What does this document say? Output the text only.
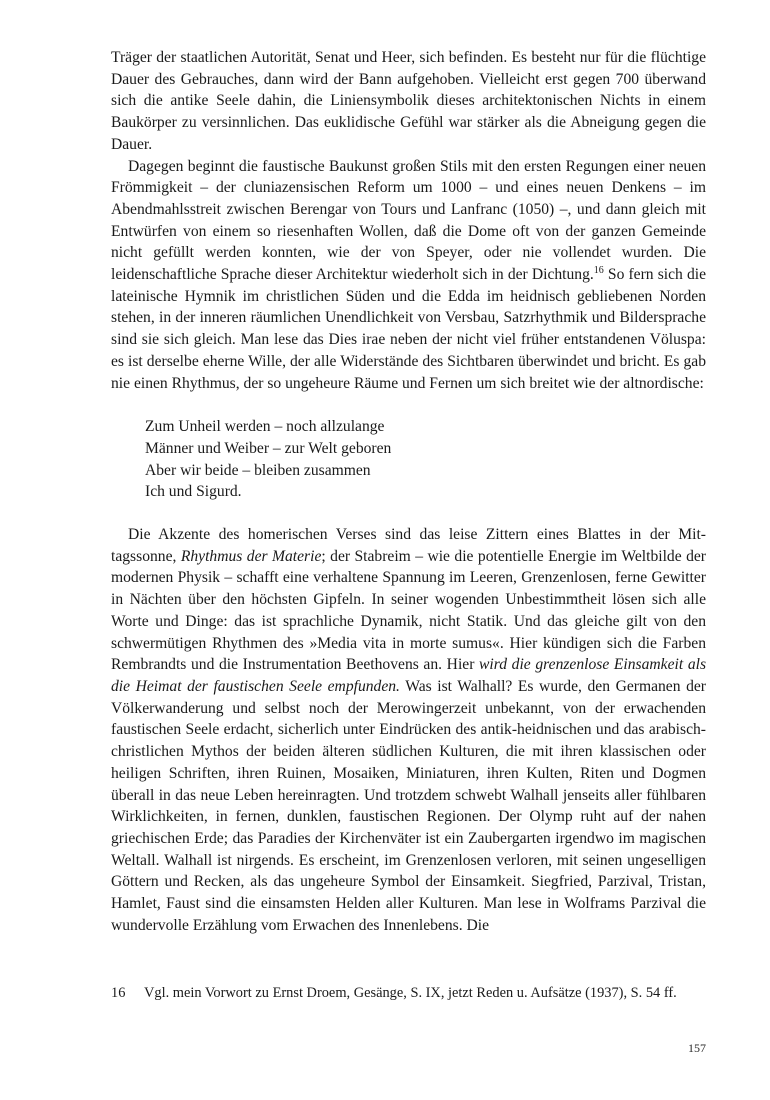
Träger der staatlichen Autorität, Senat und Heer, sich befinden. Es besteht nur für die flüchtige Dauer des Gebrauches, dann wird der Bann aufgehoben. Vielleicht erst gegen 700 überwand sich die antike Seele dahin, die Liniensymbolik dieses architektonischen Nichts in einem Baukörper zu versinnlichen. Das euklidische Gefühl war stärker als die Abneigung gegen die Dauer.

Dagegen beginnt die faustische Baukunst großen Stils mit den ersten Regungen einer neuen Frömmigkeit – der cluniazensischen Reform um 1000 – und eines neuen Denkens – im Abendmahlsstreit zwischen Berengar von Tours und Lanfranc (1050) –, und dann gleich mit Entwürfen von einem so riesenhaften Wollen, daß die Dome oft von der ganzen Gemeinde nicht gefüllt werden konnten, wie der von Speyer, oder nie vollendet wurden. Die leidenschaftliche Sprache dieser Architektur wiederholt sich in der Dichtung.$^{16}$ So fern sich die lateinische Hymnik im christlichen Süden und die Edda im heidnisch gebliebenen Norden stehen, in der inneren räumlichen Unendlichkeit von Versbau, Satzrhythmik und Bildersprache sind sie sich gleich. Man lese das Dies irae neben der nicht viel früher entstandenen Völuspa: es ist derselbe eherne Wille, der alle Widerstände des Sichtbaren überwindet und bricht. Es gab nie einen Rhythmus, der so ungeheure Räume und Fernen um sich breitet wie der altnordische:

Zum Unheil werden – noch allzulange
Männer und Weiber – zur Welt geboren
Aber wir beide – bleiben zusammen
Ich und Sigurd.

Die Akzente des homerischen Verses sind das leise Zittern eines Blattes in der Mittagssonne, Rhythmus der Materie; der Stabreim – wie die potentielle Energie im Weltbilde der modernen Physik – schafft eine verhaltene Spannung im Leeren, Grenzenlosen, ferne Gewitter in Nächten über den höchsten Gipfeln. In seiner wogenden Unbestimmtheit lösen sich alle Worte und Dinge: das ist sprachliche Dynamik, nicht Statik. Und das gleiche gilt von den schwermütigen Rhythmen des »Media vita in morte sumus«. Hier kündigen sich die Farben Rembrandts und die Instrumentation Beethovens an. Hier wird die grenzenlose Einsamkeit als die Heimat der faustischen Seele empfunden. Was ist Walhall? Es wurde, den Germanen der Völkerwanderung und selbst noch der Merowingerzeit unbekannt, von der erwachenden faustischen Seele erdacht, sicherlich unter Eindrücken des antik-heidnischen und das arabisch-christlichen Mythos der beiden älteren südlichen Kulturen, die mit ihren klassischen oder heiligen Schriften, ihren Ruinen, Mosaiken, Miniaturen, ihren Kulten, Riten und Dogmen überall in das neue Leben hereinragten. Und trotzdem schwebt Walhall jenseits aller fühlbaren Wirklichkeiten, in fernen, dunklen, faustischen Regionen. Der Olymp ruht auf der nahen griechischen Erde; das Paradies der Kirchenväter ist ein Zaubergarten irgendwo im magischen Weltall. Walhall ist nirgends. Es erscheint, im Grenzenlosen verloren, mit seinen ungeselligen Göttern und Recken, als das ungeheure Symbol der Einsamkeit. Siegfried, Parzival, Tristan, Hamlet, Faust sind die einsamsten Helden aller Kulturen. Man lese in Wolframs Parzival die wundervolle Erzählung vom Erwachen des Innenlebens. Die

16 Vgl. mein Vorwort zu Ernst Droem, Gesänge, S. IX, jetzt Reden u. Aufsätze (1937), S. 54 ff.
157
